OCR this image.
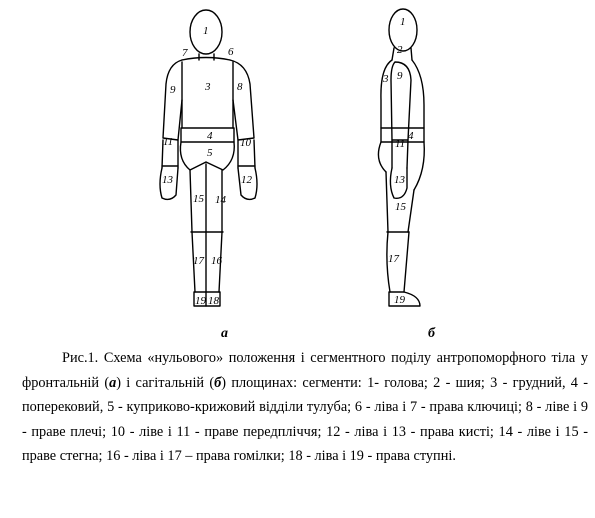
1
7	6
3
9	8
4
11	10
5
13	12
15 14
17 16
19 18
1
2
3 9
4
11
13
15
17
19
а	б

Рис.1. Схема «нульового» положення і сегментного поділу антропоморфного тіла у фронтальній (а) і сагітальній (б) площинах: сегменти: 1- голова; 2 - шия; 3 - грудний, 4 - поперековий, 5 - куприково-крижовий відділи тулуба; 6 - ліва і 7 - права ключиці; 8 - ліве і 9 - праве плечі; 10 - ліве і 11 - праве передпліччя; 12 - ліва і 13 - права кисті; 14 - ліве і 15 - праве стегна; 16 - ліва і 17 – права гомілки; 18 - ліва і 19 - права ступні.
